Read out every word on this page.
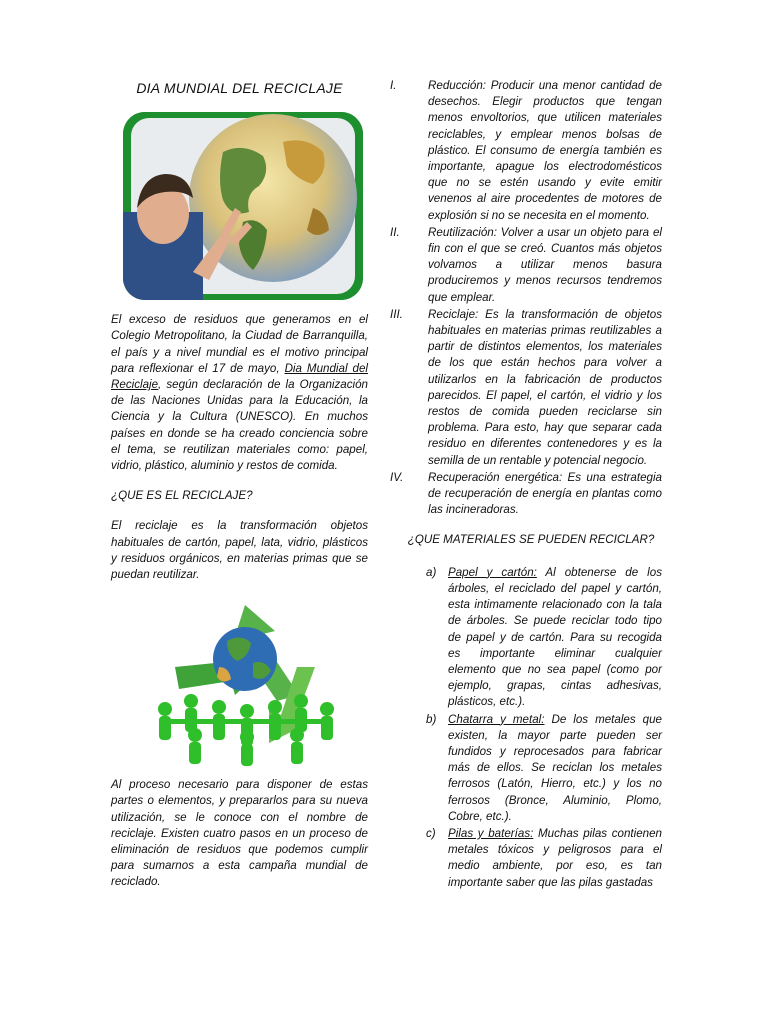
DIA MUNDIAL DEL RECICLAJE

El exceso de residuos que generamos en el Colegio Metropolitano, la Ciudad de Barranquilla, el país y a nivel mundial es el motivo principal para reflexionar el 17 de mayo, Dia Mundial del Reciclaje, según declaración de la Organización de las Naciones Unidas para la Educación, la Ciencia y la Cultura (UNESCO). En muchos países en donde se ha creado conciencia sobre el tema, se reutilizan materiales como: papel, vidrio, plástico, aluminio y restos de comida.

¿QUE ES EL RECICLAJE?

El reciclaje es la transformación objetos habituales de cartón, papel, lata, vidrio, plásticos y residuos orgánicos, en materias primas que se puedan reutilizar.

Al proceso necesario para disponer de estas partes o elementos, y prepararlos para su nueva utilización, se le conoce con el nombre de reciclaje. Existen cuatro pasos en un proceso de eliminación de residuos que podemos cumplir para sumarnos a esta campaña mundial de reciclado.

I.	Reducción: Producir una menor cantidad de desechos. Elegir productos que tengan menos envoltorios, que utilicen materiales reciclables, y emplear menos bolsas de plástico. El consumo de energía también es importante, apague los electrodomésticos que no se estén usando y evite emitir venenos al aire procedentes de motores de explosión si no se necesita en el momento.
II.	Reutilización: Volver a usar un objeto para el fin con el que se creó. Cuantos más objetos volvamos a utilizar menos basura produciremos y menos recursos tendremos que emplear.
III.	Reciclaje: Es la transformación de objetos habituales en materias primas reutilizables a partir de distintos elementos, los materiales de los que están hechos para volver a utilizarlos en la fabricación de productos parecidos. El papel, el cartón, el vidrio y los restos de comida pueden reciclarse sin problema. Para esto, hay que separar cada residuo en diferentes contenedores y es la semilla de un rentable y potencial negocio.
IV.	Recuperación energética: Es una estrategia de recuperación de energía en plantas como las incineradoras.

¿QUE MATERIALES SE PUEDEN RECICLAR?

a)	Papel y cartón: Al obtenerse de los árboles, el reciclado del papel y cartón, esta intimamente relacionado con la tala de árboles. Se puede reciclar todo tipo de papel y de cartón. Para su recogida es importante eliminar cualquier elemento que no sea papel (como por ejemplo, grapas, cintas adhesivas, plásticos, etc.).
b)	Chatarra y metal: De los metales que existen, la mayor parte pueden ser fundidos y reprocesados para fabricar más de ellos. Se reciclan los metales ferrosos (Latón, Hierro, etc.) y los no ferrosos (Bronce, Aluminio, Plomo, Cobre, etc.).
c)	Pilas y baterías: Muchas pilas contienen metales tóxicos y peligrosos para el medio ambiente, por eso, es tan importante saber que las pilas gastadas
